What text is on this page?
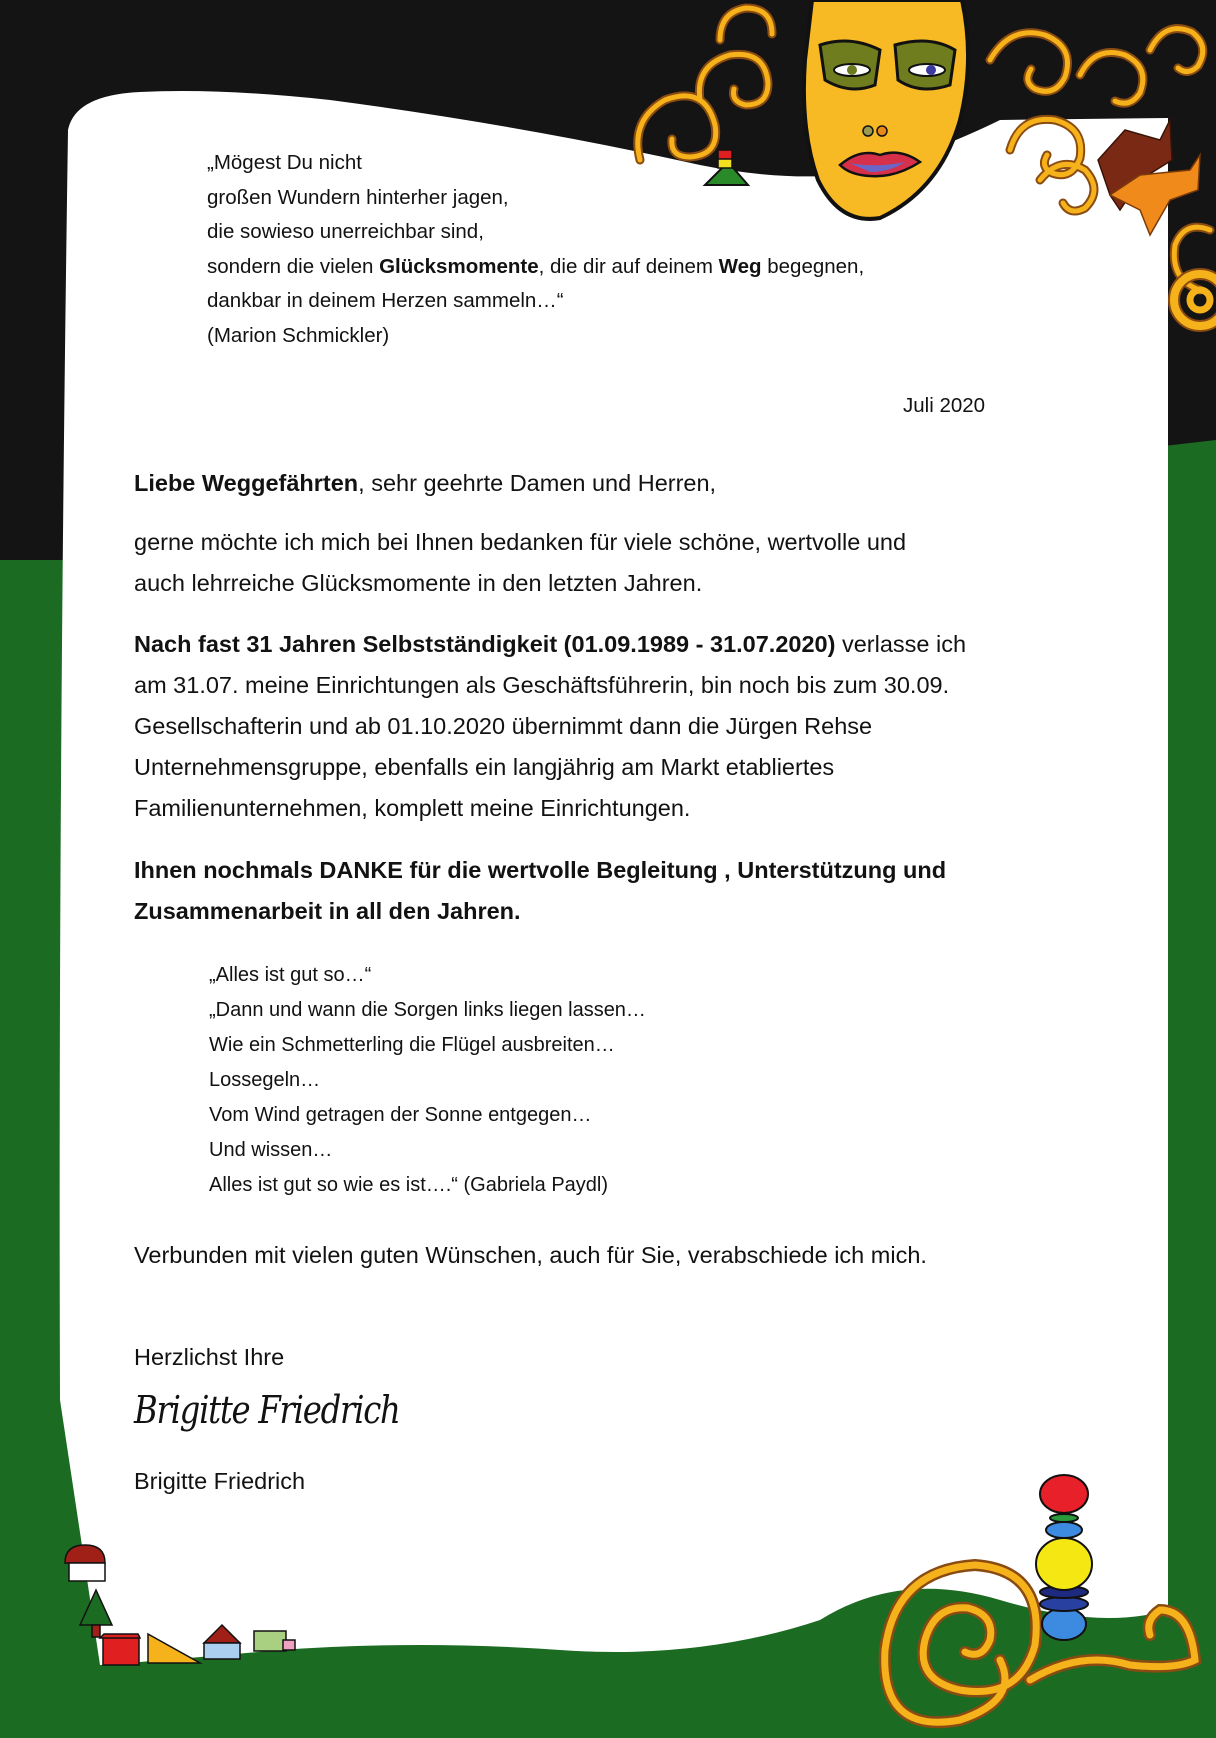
„Mögest Du nicht
großen Wundern hinterher jagen,
die sowieso unerreichbar sind,
sondern die vielen Glücksmomente, die dir auf deinem Weg begegnen,
dankbar in deinem Herzen sammeln…“
(Marion Schmickler)
Juli 2020
Liebe Weggefährten, sehr geehrte Damen und Herren,
gerne möchte ich mich bei Ihnen bedanken für viele schöne, wertvolle und
auch lehrreiche Glücksmomente in den letzten Jahren.
Nach fast 31 Jahren Selbstständigkeit (01.09.1989 - 31.07.2020) verlasse ich
am 31.07. meine Einrichtungen als Geschäftsführerin, bin noch bis zum 30.09.
Gesellschafterin und ab 01.10.2020 übernimmt dann die Jürgen Rehse
Unternehmensgruppe, ebenfalls ein langjährig am Markt etabliertes
Familienunternehmen, komplett meine Einrichtungen.
Ihnen nochmals DANKE für die wertvolle Begleitung , Unterstützung und
Zusammenarbeit in all den Jahren.
„Alles ist gut so…“
„Dann und wann die Sorgen links liegen lassen…
Wie ein Schmetterling die Flügel ausbreiten…
Lossegeln…
Vom Wind getragen der Sonne entgegen…
Und wissen…
Alles ist gut so wie es ist….“ (Gabriela Paydl)
Verbunden mit vielen guten Wünschen, auch für Sie, verabschiede ich mich.
Herzlichst Ihre
Brigitte Friedrich
Brigitte Friedrich
